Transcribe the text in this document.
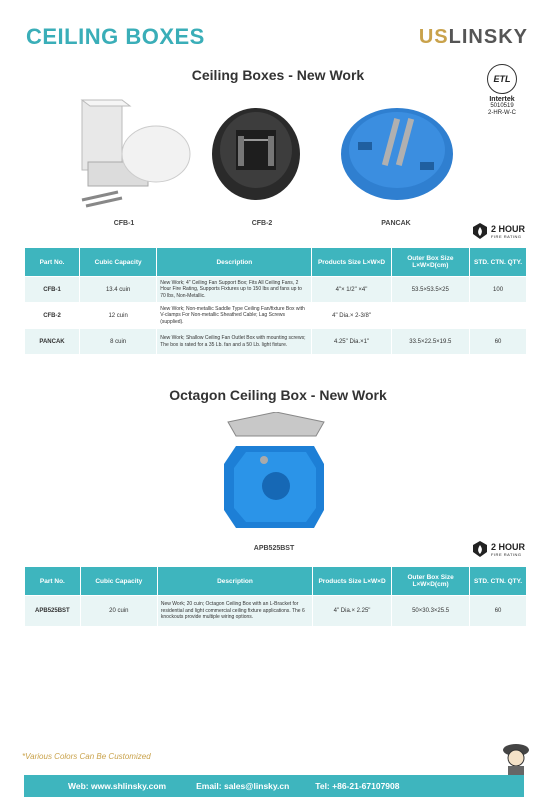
CEILING BOXES	USLINSKY
ETL
Intertek
5010519
2-HR-W-C
Ceiling Boxes - New Work
CFB-1	CFB-2	PANCAK	2 HOUR
FIRE RATING
Part No.	Cubic Capacity	Description	Products Size L×W×D	Outer Box Size L×W×D(cm)	STD. CTN. QTY.
CFB-1	13.4 cuin	New Work; 4" Ceiling Fan Support Box; Fits All Ceiling Fans, 2 Hour Fire Rating, Supports Fixtures up to 150 lbs and fans up to 70 lbs, Non-Metallic.	4"× 1/2" ×4"	53.5×53.5×25	100
CFB-2	12 cuin	New Work; Non-metallic Saddle Type Ceiling Fan/fixture Box with V-clamps For Non-metallic Sheathed Cable; Lag Screws (supplied).	4" Dia.× 2-3/8"		
PANCAK	8 cuin	New Work; Shallow Ceiling Fan Outlet Box with mounting screws; The box is rated for a 35 Lb. fan and a 50 Lb. light fixture.	4.25" Dia.×1"	33.5×22.5×19.5	60
Octagon Ceiling Box - New Work
APB525BST	2 HOUR
FIRE RATING
Part No.	Cubic Capacity	Description	Products Size L×W×D	Outer Box Size L×W×D(cm)	STD. CTN. QTY.
APB525BST	20 cuin	New Work; 20 cuin; Octagon Ceiling Box with an L-Bracket for residential and light commercial ceiling fixture applications. The 6 knockouts provide multiple wiring options.	4" Dia.× 2.25"	50×30.3×25.5	60
*Various Colors Can Be Customized
Web: www.shlinsky.com	Email: sales@linsky.cn	Tel: +86-21-67107908
